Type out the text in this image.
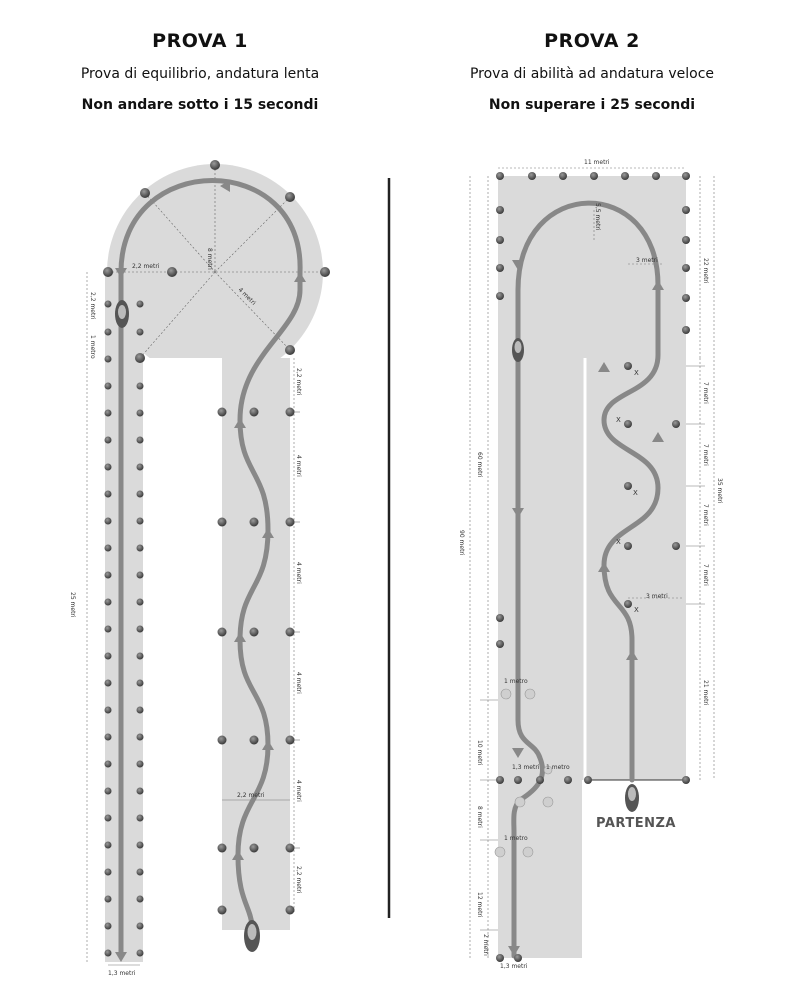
PROVA 1
Prova di equilibrio, andatura lenta
Non andare sotto i 15 secondi
PROVA 2
Prova di abilità ad andatura veloce
Non superare i 25 secondi
2,2 metri	8 metri
4 metri
2,2 metri
1 metro
25 metri
1,3 metri
2,2 metri
4 metri
4 metri
4 metri
4 metri
2,2 metri
2,2 metri
X
X
X
X
X
11 metri
5,5 metri
3 metri	22 metri
7 metri
7 metri
7 metri
7 metri
35 metri
3 metri
21 metri
60 metri
90 metri
10 metri
8 metri
12 metri
2 metri
1 metro
1 metro
1 metro
1,3 metri
1,3 metri
PARTENZA
